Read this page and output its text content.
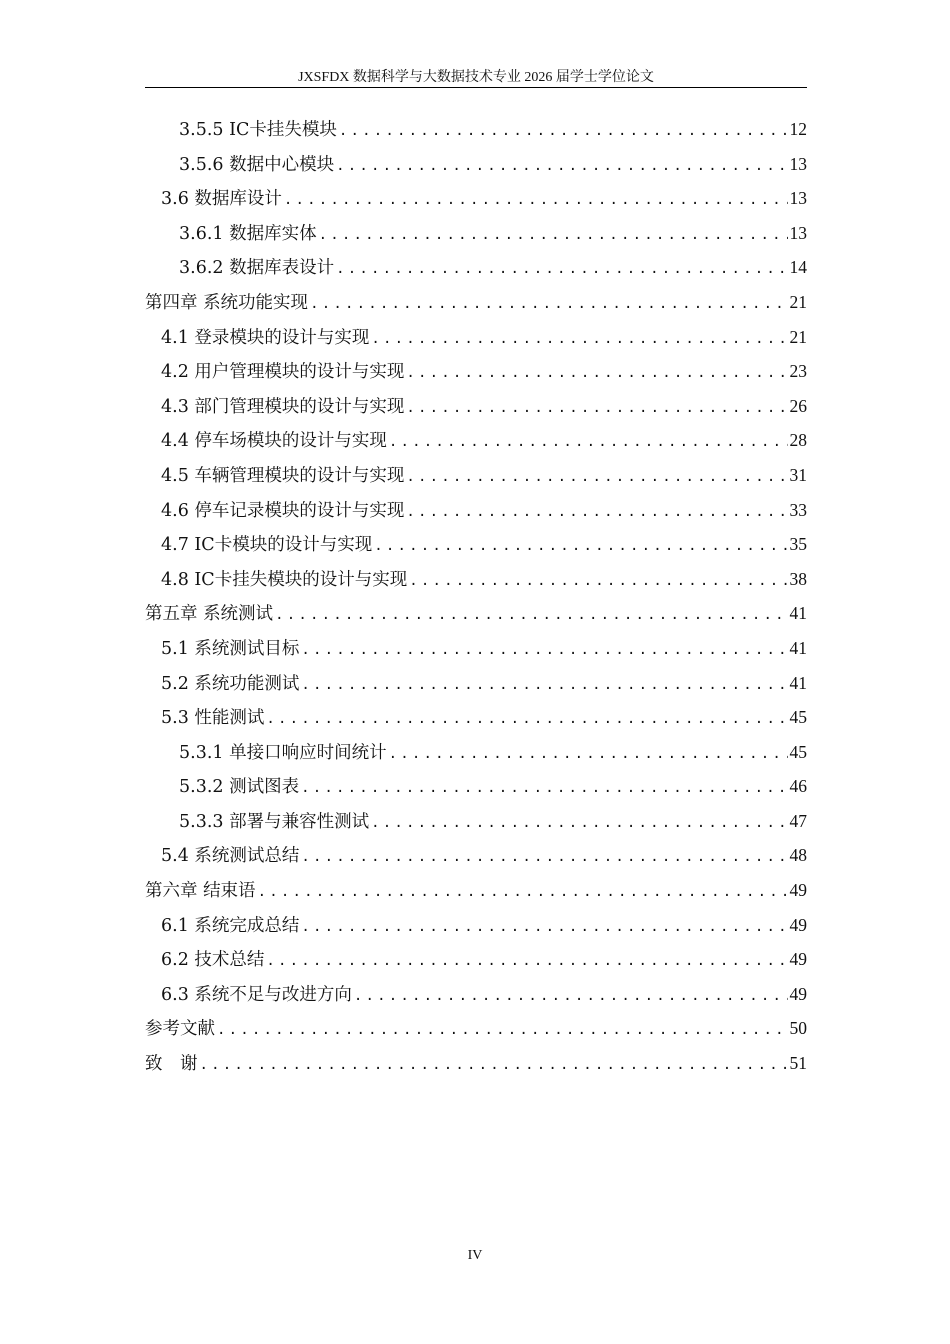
JXSFDX 数据科学与大数据技术专业 2026 届学士学位论文
3.5.5 IC卡挂失模块 .....	12
3.5.6 数据中心模块 .....	13
3.6 数据库设计 .....	13
3.6.1 数据库实体 .....	13
3.6.2 数据库表设计 .....	14
第四章 系统功能实现 .....	21
4.1 登录模块的设计与实现 .....	21
4.2 用户管理模块的设计与实现 .....	23
4.3 部门管理模块的设计与实现 .....	26
4.4 停车场模块的设计与实现 .....	28
4.5 车辆管理模块的设计与实现 .....	31
4.6 停车记录模块的设计与实现 .....	33
4.7 IC卡模块的设计与实现 .....	35
4.8 IC卡挂失模块的设计与实现 .....	38
第五章 系统测试 .....	41
5.1 系统测试目标 .....	41
5.2 系统功能测试 .....	41
5.3 性能测试 .....	45
5.3.1 单接口响应时间统计 .....	45
5.3.2 测试图表 .....	46
5.3.3 部署与兼容性测试 .....	47
5.4 系统测试总结 .....	48
第六章 结束语 .....	49
6.1 系统完成总结 .....	49
6.2 技术总结 .....	49
6.3 系统不足与改进方向 .....	49
参考文献 .....	50
致　谢 .....	51
IV
